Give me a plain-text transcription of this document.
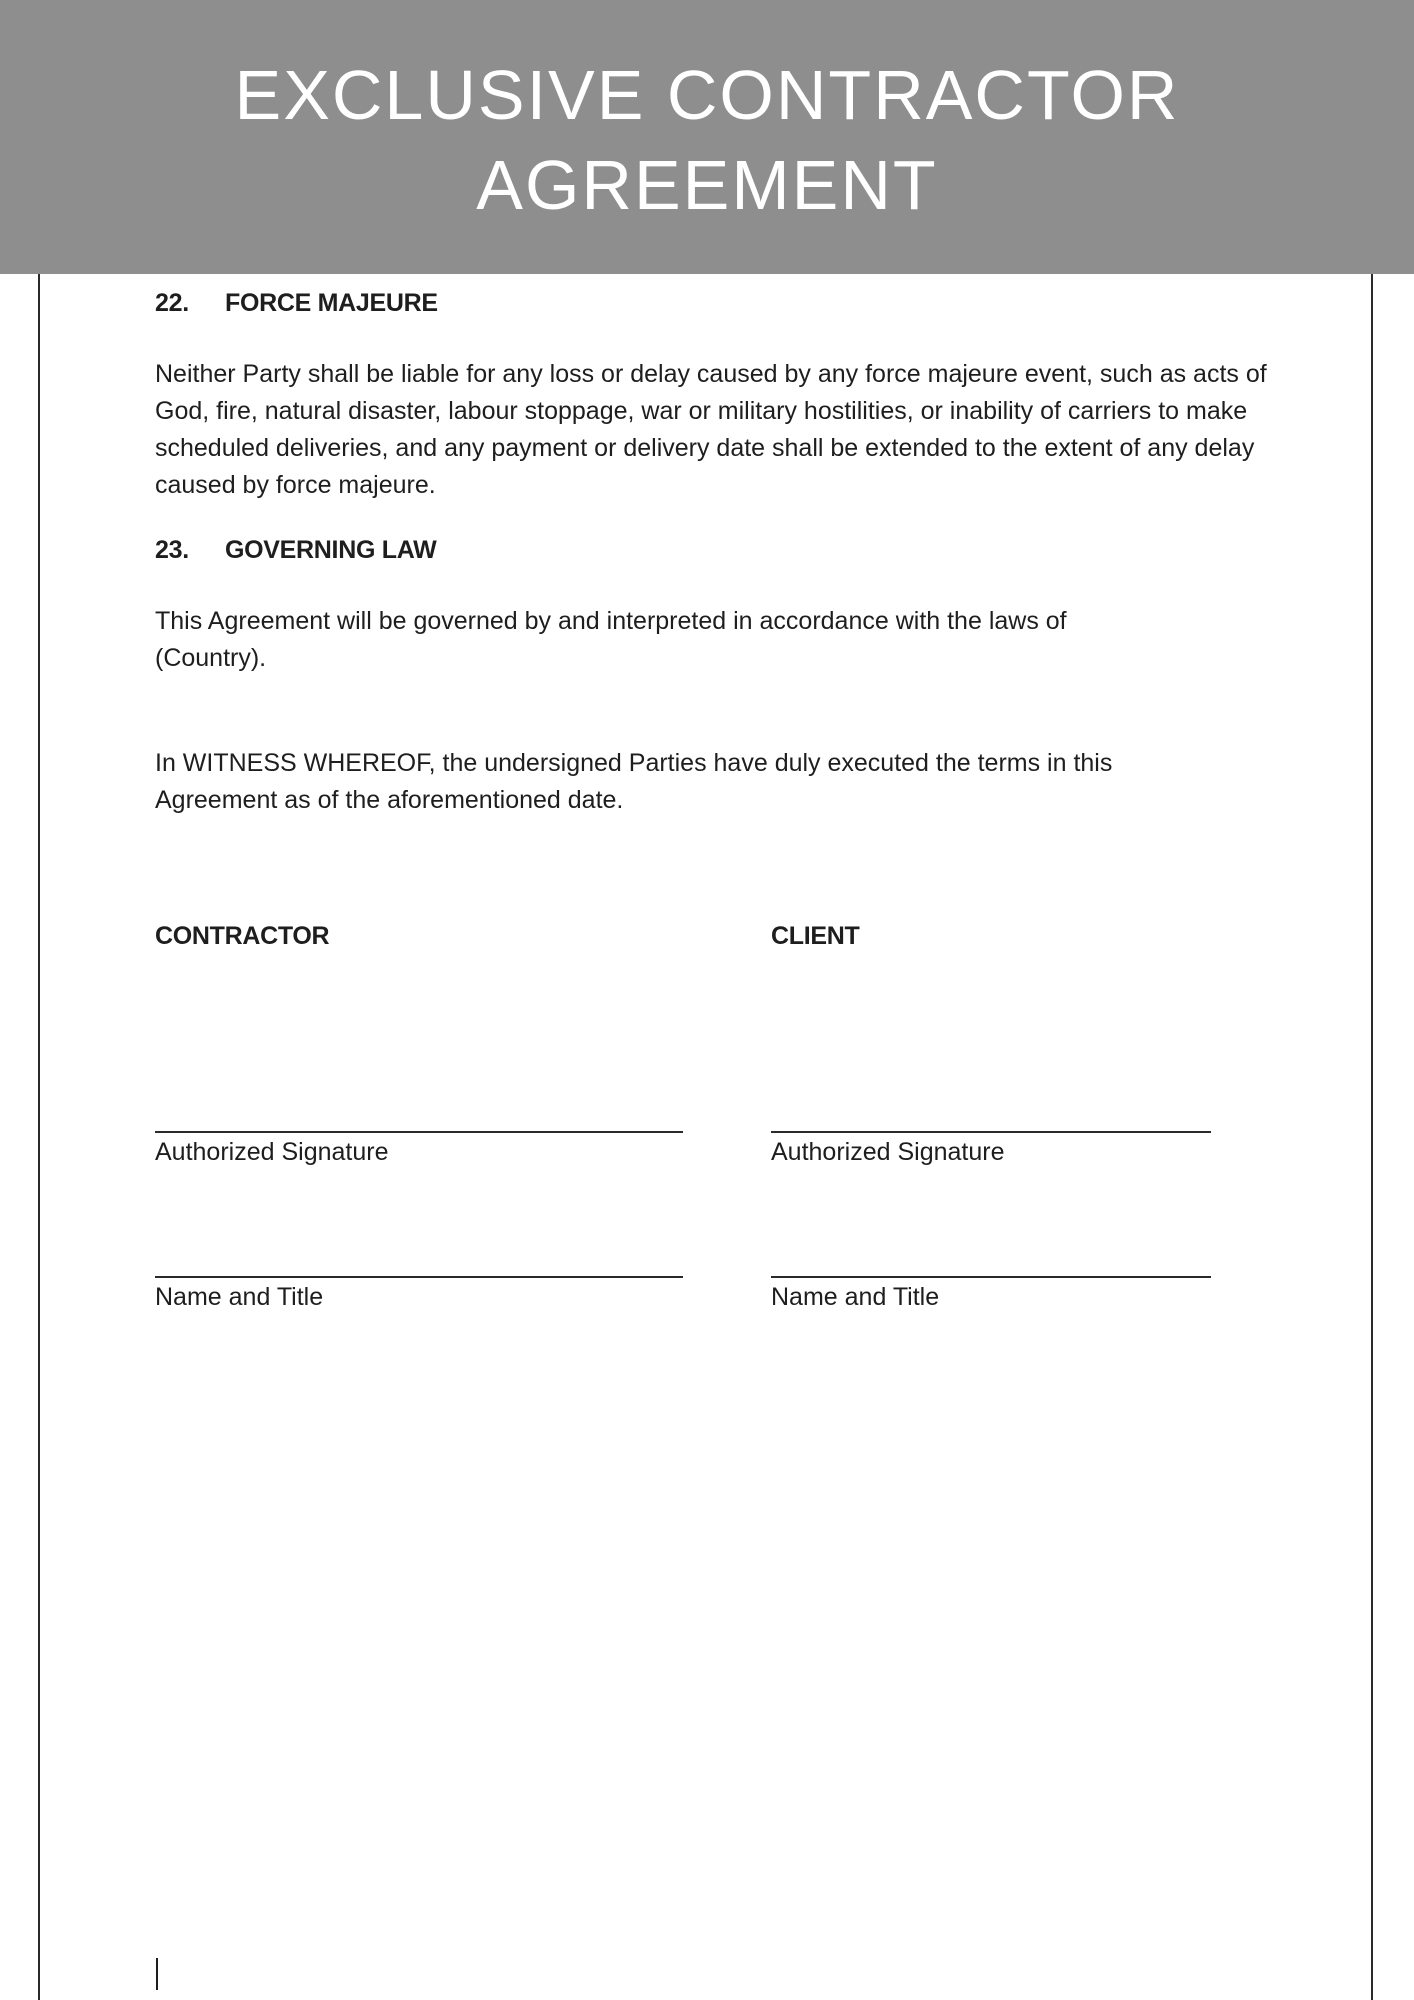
EXCLUSIVE CONTRACTOR
AGREEMENT
22. FORCE MAJEURE

Neither Party shall be liable for any loss or delay caused by any force majeure event, such as acts of God, fire, natural disaster, labour stoppage, war or military hostilities, or inability of carriers to make scheduled deliveries, and any payment or delivery date shall be extended to the extent of any delay caused by force majeure.

23. GOVERNING LAW

This Agreement will be governed by and interpreted in accordance with the laws of (Country).

In WITNESS WHEREOF, the undersigned Parties have duly executed the terms in this Agreement as of the aforementioned date.

CONTRACTOR
Authorized Signature
Name and Title
CLIENT
Authorized Signature
Name and Title
